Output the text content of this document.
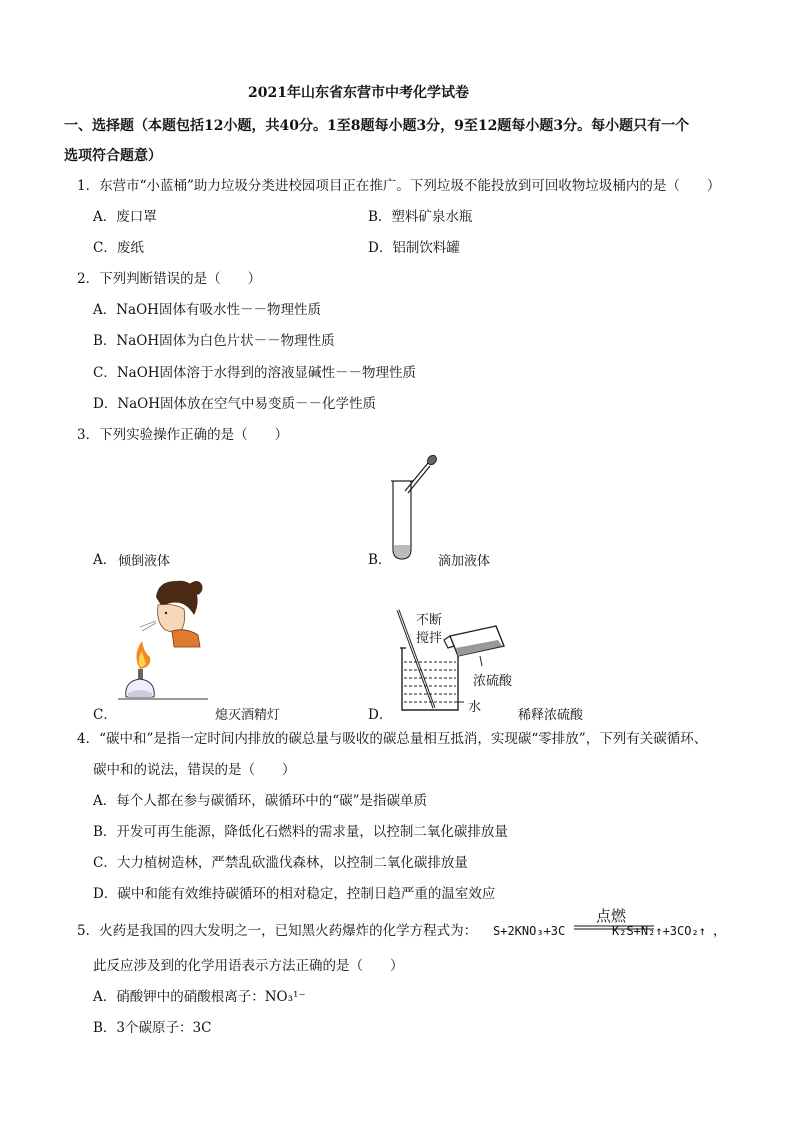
2021年山东省东营市中考化学试卷
一、选择题（本题包括12小题，共40分。1至8题每小题3分，9至12题每小题3分。每小题只有一个
选项符合题意）
1．东营市“小蓝桶”助力垃圾分类进校园项目正在推广。下列垃圾不能投放到可回收物垃圾桶内的是（　　）
A．废口罩	B．塑料矿泉水瓶
C．废纸	D．铝制饮料罐
2．下列判断错误的是（　　）
A．NaOH固体有吸水性－－物理性质
B．NaOH固体为白色片状－－物理性质
C．NaOH固体溶于水得到的溶液显碱性－－物理性质
D．NaOH固体放在空气中易变质－－化学性质
3．下列实验操作正确的是（　　）
A． 倾倒液体	B．	滴加液体
C．	熄灭酒精灯
不断
搅拌
浓硫酸
水
D．	稀释浓硫酸
4．“碳中和”是指一定时间内排放的碳总量与吸收的碳总量相互抵消，实现碳“零排放”，下列有关碳循环、
碳中和的说法，错误的是（　　）
A．每个人都在参与碳循环，碳循环中的“碳”是指碳单质
B．开发可再生能源，降低化石燃料的需求量，以控制二氧化碳排放量
C．大力植树造林，严禁乱砍滥伐森林，以控制二氧化碳排放量
D．碳中和能有效维持碳循环的相对稳定，控制日趋严重的温室效应
5．火药是我国的四大发明之一，已知黑火药爆炸的化学方程式为： S+2KNO₃+3C
点燃
K₂S+N₂↑+3CO₂↑ ，
此反应涉及到的化学用语表示方法正确的是（　　）
A．硝酸钾中的硝酸根离子：NO₃¹⁻
B．3个碳原子：3C
